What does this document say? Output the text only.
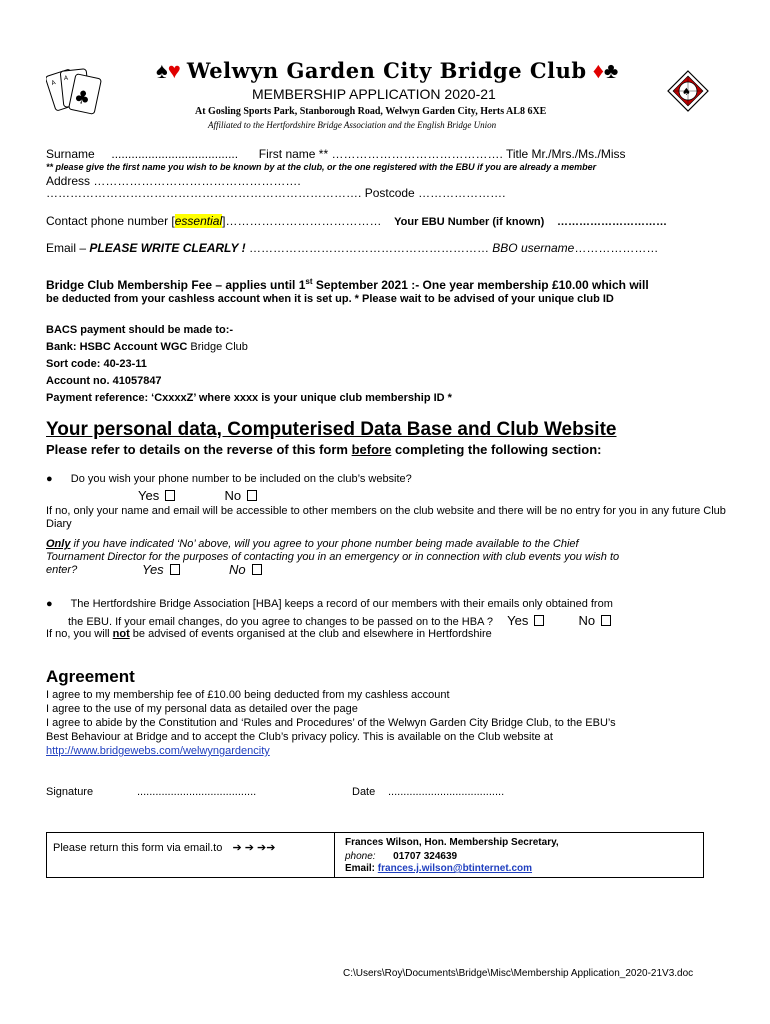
♣
A
A
♠
♠♥ Welwyn Garden City Bridge Club ♦♣
MEMBERSHIP APPLICATION 2020-21
At Gosling Sports Park, Stanborough Road, Welwyn Garden City, Herts AL8 6XE
Affiliated to the Hertfordshire Bridge Association and the English Bridge Union
Surname ...................................... First name ** ……………………………………. Title Mr./Mrs./Ms./Miss
** please give the first name you wish to be known by at the club, or the one registered with the EBU if you are already a member
Address …………………………………………….
……………………………………………………………………. Postcode ………………….
Contact phone number [essential]………………………………… Your EBU Number (if known) …………………………
Email – PLEASE WRITE CLEARLY ! …………………………………………………… BBO username…………………
Bridge Club Membership Fee – applies until 1st September 2021 :- One year membership £10.00 which will
be deducted from your cashless account when it is set up. * Please wait to be advised of your unique club ID
BACS payment should be made to:-
Bank: HSBC Account WGC Bridge Club
Sort code: 40-23-11
Account no. 41057847
Payment reference: ‘CxxxxZ’ where xxxx is your unique club membership ID *
Your personal data, Computerised Data Base and Club Website
Please refer to details on the reverse of this form before completing the following section:
● Do you wish your phone number to be included on the club’s website?
Yes	No
If no, only your name and email will be accessible to other members on the club website and there will be no entry for you in any future Club Diary
Only if you have indicated ‘No’ above, will you agree to your phone number being made available to the Chief
Tournament Director for the purposes of contacting you in an emergency or in connection with club events you wish to
enter?	Yes	No
● The Hertfordshire Bridge Association [HBA] keeps a record of our members with their emails only obtained from
the EBU. If your email changes, do you agree to changes to be passed on to the HBA ? Yes	No
If no, you will not be advised of events organised at the club and elsewhere in Hertfordshire
Agreement
I agree to my membership fee of £10.00 being deducted from my cashless account
I agree to the use of my personal data as detailed over the page
I agree to abide by the Constitution and ‘Rules and Procedures’ of the Welwyn Garden City Bridge Club, to the EBU’s
Best Behaviour at Bridge and to accept the Club’s privacy policy. This is available on the Club website at
http://www.bridgewebs.com/welwyngardencity
Signature	.......................................	Date ......................................
Please return this form via email.to ➔ ➔ ➔➔	Frances Wilson, Hon. Membership Secretary,
phone: 01707 324639
Email: frances.j.wilson@btinternet.com
C:\Users\Roy\Documents\Bridge\Misc\Membership Application_2020-21V3.doc
